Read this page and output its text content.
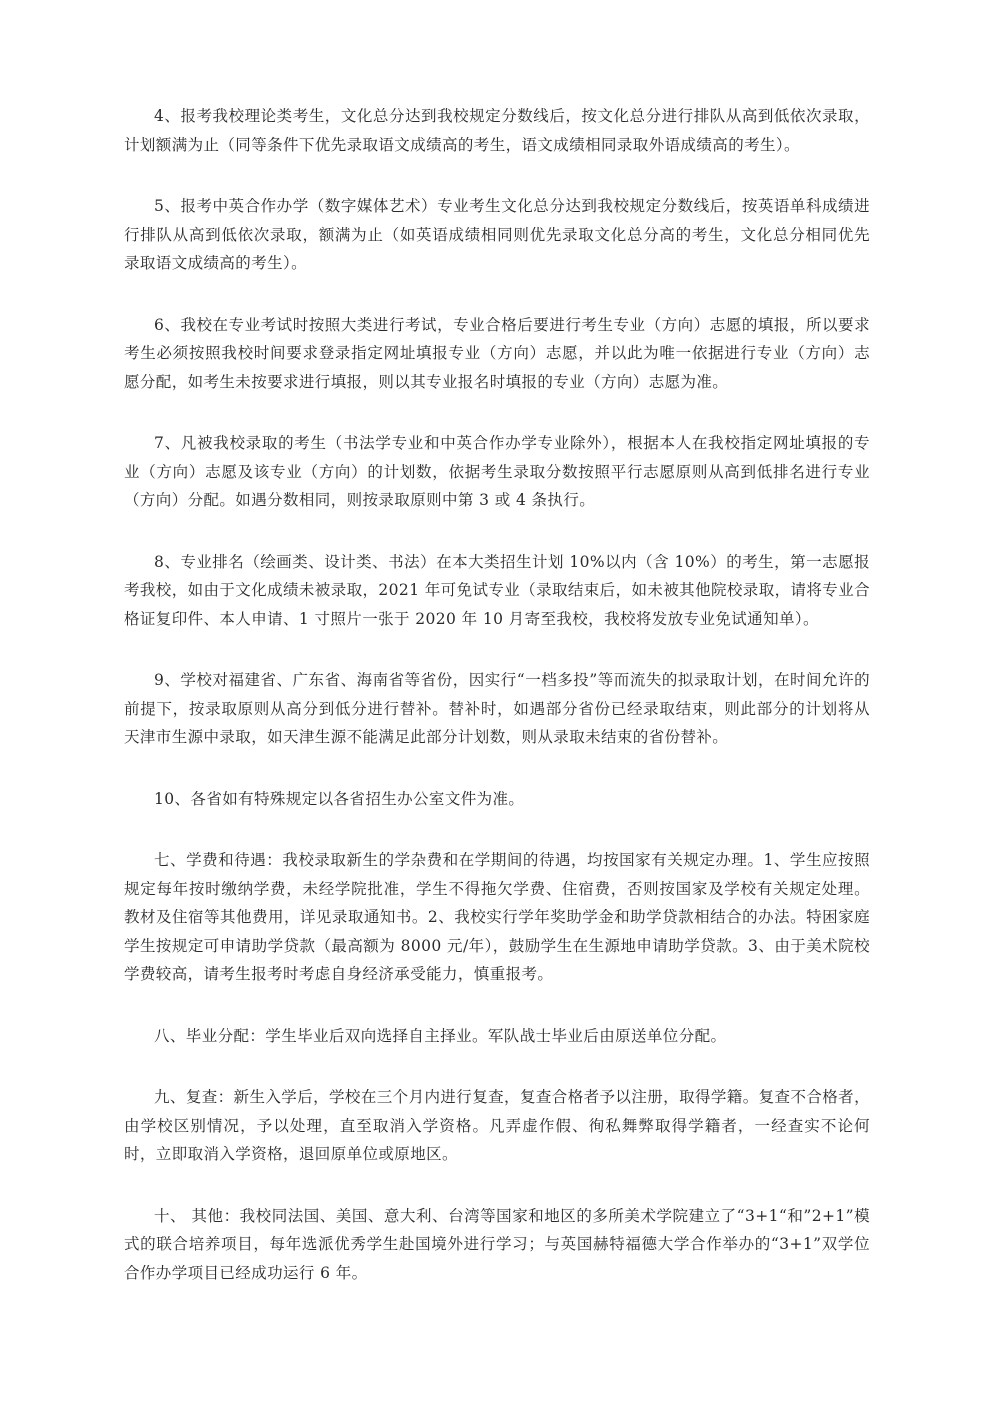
4、报考我校理论类考生，文化总分达到我校规定分数线后，按文化总分进行排队从高到低依次录取，计划额满为止（同等条件下优先录取语文成绩高的考生，语文成绩相同录取外语成绩高的考生）。

5、报考中英合作办学（数字媒体艺术）专业考生文化总分达到我校规定分数线后，按英语单科成绩进行排队从高到低依次录取，额满为止（如英语成绩相同则优先录取文化总分高的考生，文化总分相同优先录取语文成绩高的考生）。

6、我校在专业考试时按照大类进行考试，专业合格后要进行考生专业（方向）志愿的填报，所以要求考生必须按照我校时间要求登录指定网址填报专业（方向）志愿，并以此为唯一依据进行专业（方向）志愿分配，如考生未按要求进行填报，则以其专业报名时填报的专业（方向）志愿为准。

7、凡被我校录取的考生（书法学专业和中英合作办学专业除外），根据本人在我校指定网址填报的专业（方向）志愿及该专业（方向）的计划数，依据考生录取分数按照平行志愿原则从高到低排名进行专业（方向）分配。如遇分数相同，则按录取原则中第 3 或 4 条执行。

8、专业排名（绘画类、设计类、书法）在本大类招生计划 10%以内（含 10%）的考生，第一志愿报考我校，如由于文化成绩未被录取，2021 年可免试专业（录取结束后，如未被其他院校录取，请将专业合格证复印件、本人申请、1 寸照片一张于 2020 年 10 月寄至我校，我校将发放专业免试通知单）。

9、学校对福建省、广东省、海南省等省份，因实行“一档多投”等而流失的拟录取计划，在时间允许的前提下，按录取原则从高分到低分进行替补。替补时，如遇部分省份已经录取结束，则此部分的计划将从天津市生源中录取，如天津生源不能满足此部分计划数，则从录取未结束的省份替补。

10、各省如有特殊规定以各省招生办公室文件为准。

七、学费和待遇：我校录取新生的学杂费和在学期间的待遇，均按国家有关规定办理。1、学生应按照规定每年按时缴纳学费，未经学院批准，学生不得拖欠学费、住宿费，否则按国家及学校有关规定处理。教材及住宿等其他费用，详见录取通知书。2、我校实行学年奖助学金和助学贷款相结合的办法。特困家庭学生按规定可申请助学贷款（最高额为 8000 元/年），鼓励学生在生源地申请助学贷款。3、由于美术院校学费较高，请考生报考时考虑自身经济承受能力，慎重报考。

八、毕业分配：学生毕业后双向选择自主择业。军队战士毕业后由原送单位分配。

九、复查：新生入学后，学校在三个月内进行复查，复查合格者予以注册，取得学籍。复查不合格者，由学校区别情况，予以处理，直至取消入学资格。凡弄虚作假、徇私舞弊取得学籍者，一经查实不论何时，立即取消入学资格，退回原单位或原地区。

十、 其他：我校同法国、美国、意大利、台湾等国家和地区的多所美术学院建立了“3+1“和”2+1”模式的联合培养项目，每年选派优秀学生赴国境外进行学习；与英国赫特福德大学合作举办的“3+1”双学位合作办学项目已经成功运行 6 年。
